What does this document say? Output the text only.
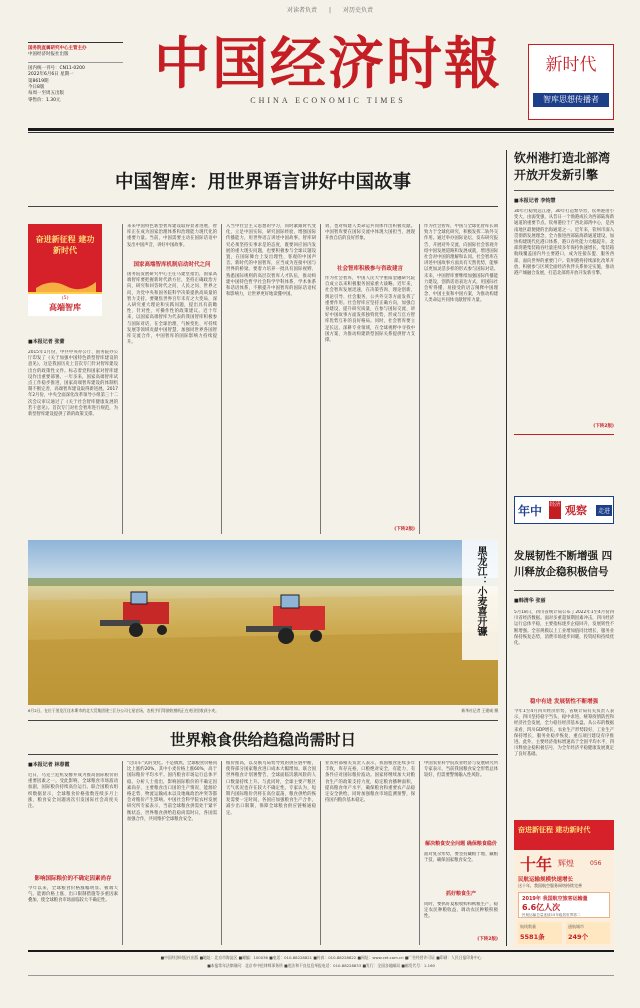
对读者负责 | 对历史负责
国务院直属研究中心主管主办
中国经济时报社出版
国内统一刊号：CN11-0200
2022年6月6日 星期一
第8619期
今日8版
每周一至周五出版
零售价：1.30元
中国经济时報
CHINA ECONOMIC TIMES
新时代
智库思想传播者
中国智库：用世界语言讲好中国故事
奋进新征程 建功新时代
(5)
高端智库
■本报记者 张蕾
2015年1月份，中共中央办公厅、国务院办公厅印发了《关于加强中国特色新型智库建设的意见》，这是我国历史上首次专门针对智库建设出台的政策性文件。标志着党和国家对智库建设作出重要部署。一年多来，国家高端智库试点工作稳步推进，国家高端智库建设的体制机制不断完善，高端智库建设取得新进展。2017年2月份，中央全面深化改革领导小组第三十二次会议审议通过了《关于社会智库健康发展的若干意见》。首次专门对社会智库进行规范，为新型智库建设提供了新的政策支撑。
来来中国特色新型智库建设取得显著进展，智库正在成为国家治理体系和治理能力现代化的重要力量。当前，中国需要主动在国际话语中发出中国声音，讲好中国故事。
国家高端智库机制启动时代之问
国务院发展研究中心主任马建堂指出，国家高端智库要把握新时代新方位，坚持正确政治方向，研究和回答时代之问、人民之问、世界之问，为党中央和国务院科学决策提供高质量的智力支持。要聚焦世界百年未有之大变局，深入研究重大理论和实践问题，提出具有前瞻性、针对性、可操作性的政策建议。近十年来，以国家高端智库为代表的我国智库积极参与国际对话，在全球治理、气候变化、可持续发展等领域贡献中国智慧，加强同世界各国智库交流合作，中国智库的国际影响力持续提升。
入当中社会主义思想的学习，同时紧跟时代变化，立足中国实际，研究国际经验，增强国际传播能力，用世界语言讲述中国故事。智库研究必须坚持实事求是的态度，既要回应国内发展的重大现实问题，也要积极参与全球议题设置，在国际舞台上发出理性、客观的中国声音。新时代的中国智库，应当成为连接中国与世界的桥梁。要着力培养一批具有国际视野、熟悉国际规则的高层次智库人才队伍，推动构建中国特色哲学社会科学学科体系、学术体系和话语体系，不断提升中国智库的国际话语权和影响力，让世界更好地读懂中国。
效，也对构建人类命运共同体作出积极贡献。中国智库要在国际交流中体现大国担当，展现开放自信的良好形象。
社会智库积极参与咨政建言
作为社会智库，中国人民大学重阳金融研究院自成立以来积极服务国家重大战略。近年来，社会智库发展迅速，在决策咨询、理论创新、舆论引导、社会服务、公共外交等方面发挥了重要作用。社会智库应坚持正确方向，加强自身建设，提升研究质量，在参与国际交流、讲好中国故事方面发挥独特优势，形成与官方智库优势互补的良好格局。同时，社会智库要立足长远，深耕专业领域，在全球视野中寻找中国方案，为推动构建新型国际关系提供智力支撑。
(下转2版)
作为社会智库，中国与全球化智库长期致力于全球化研究，积极发挥二轨外交作用。通过举办国际论坛、发布研究报告、开展对外交流，向国际社会客观介绍中国发展道路和发展成就，增进国际社会对中国的理解和认同。社会智库在讲述中国故事方面具有天然优势，能够以更加灵活多样的形式参与国际对话。未来，中国智库要继续加强国际传播能力建设，创新话语表达方式，用国际社会听得懂、易接受的语言阐释中国理念、中国主张和中国方案，为推动构建人类命运共同体贡献智库力量。
钦州港打造北部湾开放开发新引擎
■本报记者 李钧慧
30年行稳致远江港，30年打造繁华营，钦州港由小变大，由弱变强，从昔日一个渔港成长为西部陆海新通道的重要节点。钦州港位于广西北部湾中心，是西南地区最便捷的出海通道之一。近年来，钦州市深入贯彻新发展理念，全力推进西部陆海新通道建设，加快构建现代化港口体系，港口吞吐能力大幅提升。北部湾港集装箱吞吐量连续多年保持快速增长，集装箱航线覆盖国内外主要港口，成为连接东盟、服务西部、面向世界的重要门户。钦州港将持续深化改革开放，积极参与区域全面经济伙伴关系协定实施，推动港产城融合发展，打造北部湾开放开发新引擎。
(下转2版)
年中 经济 观察	走进
发展韧性不断增强 四川释放企稳积极信号
■韩清华 张丽
5月18日，四川省统计局公布了2022年1至4月份四川省经济数据。面对多重超预期因素冲击，四川经济运行总体平稳，主要指标逐步企稳回升，发展韧性不断增强。全省规模以上工业增加值同比增长，服务业保持恢复态势，消费市场逐步回暖，投资结构持续优化。
稳中有进 发展韧性不断增强
今年1至4月四川经济形势，省统计局有关负责人表示，四川坚持稳字当头、稳中求进，统筹疫情防控和经济社会发展，全力稳住经济基本盘。从公布的数据来看，四川GDP增长，农业生产形势较好，工业生产保持增长，服务业稳步恢复，重点项目建设有序推进。此外，主要经济指标增速高于全国平均水平，四川释放企稳积极信号，为全年经济平稳健康发展奠定了良好基础。
奋进新征程 建功新时代
十年 辉煌	056
民航运输规模快速增长
这十年，我国航空服务网络持续完善
2019年 我国航空旅客运输量
6.6亿人次
民航运输总量连续15年稳居世界第二
航线数量
5581条
通航城市
249个
黑龙江：小麦喜开镰
6月2日，在位于黑龙江佳木斯市的北大荒集团建三江分公司七星农场，农机手们驾驶收割机正在麦田里收获小麦。	新华社记者 王建威 摄
世界粮食供给趋稳尚需时日
■本报记者 林春霞
近日，乌克兰危机发酵并成为推高国际粮价的重要因素之一。受此影响，全球粮食市场波动加剧，国际粮价持续高位运行。联合国粮农组织数据显示，全球粮食价格指数连续多月上涨，粮食安全问题再次引发国际社会高度关注。
影响国际粮价的不确定因素尚存
今年以来，全球粮食价格涨幅明显。极端天气、能源价格上涨、出口限制措施等多重因素叠加，使全球粮食市场面临较大不确定性。
"过山车"式的变化。不是偶然。全球粮食价格同比上涨约20%，其中小麦价格上涨60%，高于国际粮价平均水平。国内粮食市场运行总体平稳。分析人士指出，影响国际粮价的不确定因素尚存，主要粮食出口国的生产情况、能源价格走势、物流运输成本以及地缘政治冲突等都会对粮价产生影响。中国社会科学院农村发展研究所专家表示，当前全球粮食供需处于紧平衡状态，世界粮食供给趋稳尚需时日，各国需加强合作，共同维护全球粮食安全。
粮价推高，以及俄乌局势导致的供应链中断，使得部分国家粮食进口成本大幅增加。联合国世界粮食计划署警告，全球面临饥饿风险的人口数量持续上升。与此同时，全球主要产粮区天气状况也存在较大不确定性。专家认为，短期内国际粮价仍将在高位震荡，粮食供给的恢复需要一定时间，各国应加强粮食生产合作，减少出口限制，保障全球粮食供应链畅通稳定。
业农村部相关负责人表示，我国粮食连续多年丰收，库存充裕，口粮绝对安全，有能力、有条件应对国际粮价波动。国家将继续加大对粮食生产的政策支持力度，稳定粮食播种面积，提高粮食单产水平，确保粮食和重要农产品稳定安全供给。同时加强粮食市场监测预警，保持国内粮价基本稳定。
中国农业科学院农业经济与发展研究所专家表示，当前我国粮食安全形势总体较好，但需要警惕输入性风险。
解决粮食安全问题 确保粮食稳价
面对复杂形势，要坚持藏粮于地、藏粮于技，确保国家粮食安全。
抓好粮食生产
同时，要抓好夏粮收购和秋粮生产，稳定农民种粮收益，调动农民种粮积极性。
(下转2版)
■中国经济时报社出版 ■地址：北京市海淀区 ■邮编：100036 ■电话：010-88228821 ■传真：010-88228822 ■网址：www.cet.com.cn ■广告经营许可证 ■印刷：人民日报印务中心
■本报常年法律顾问：北京市中伦律师事务所 ■违法和不良信息举报电话：010-88228833 ■发行：全国各地邮局 ■邮发代号：1-160
